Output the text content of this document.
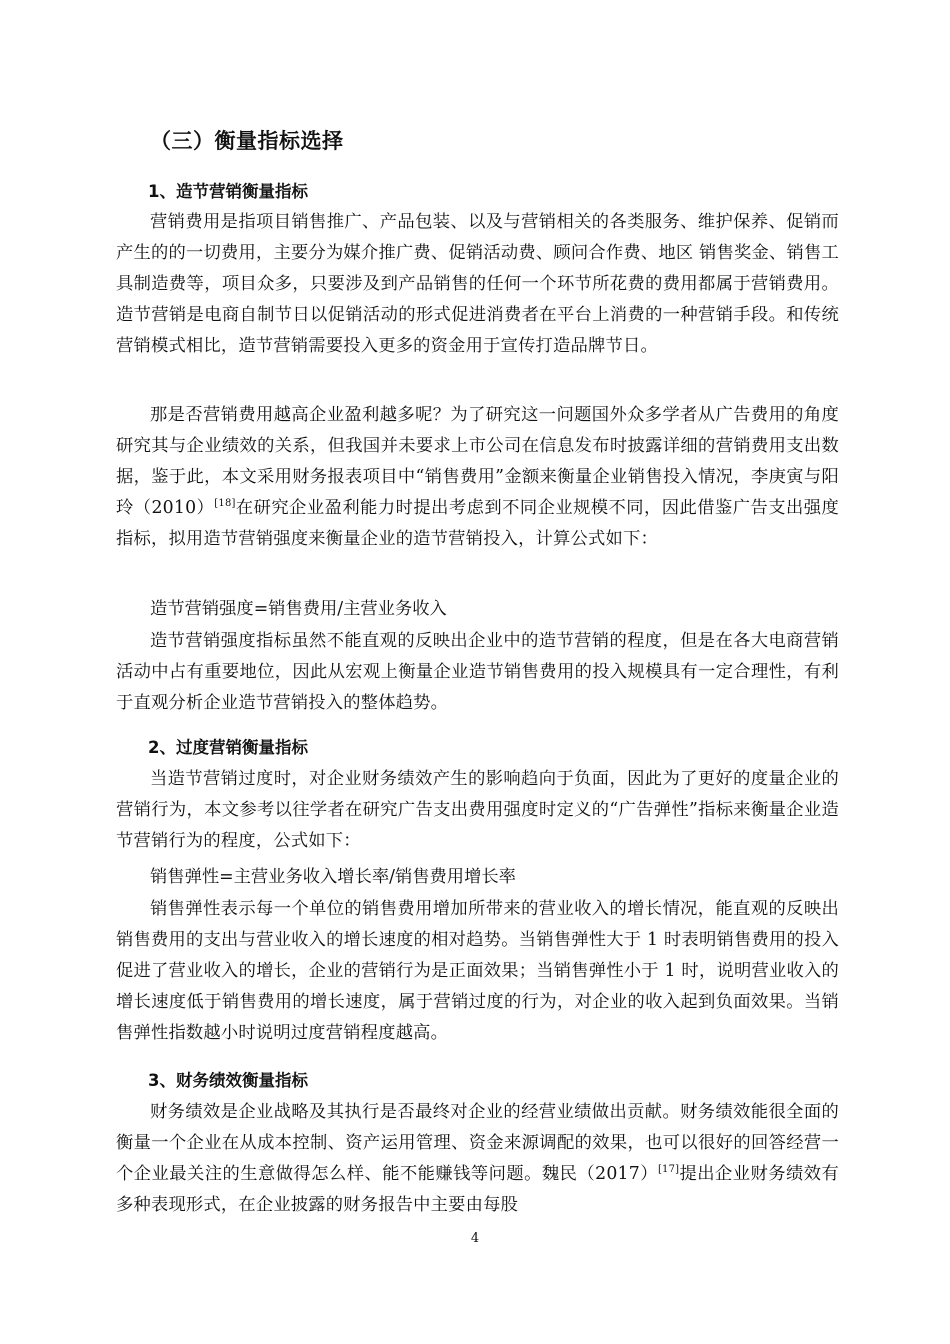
（三）衡量指标选择
1、造节营销衡量指标
营销费用是指项目销售推广、产品包装、以及与营销相关的各类服务、维护保养、促销而产生的的一切费用，主要分为媒介推广费、促销活动费、顾问合作费、地区 销售奖金、销售工具制造费等，项目众多，只要涉及到产品销售的任何一个环节所花费的费用都属于营销费用。造节营销是电商自制节日以促销活动的形式促进消费者在平台上消费的一种营销手段。和传统营销模式相比，造节营销需要投入更多的资金用于宣传打造品牌节日。
那是否营销费用越高企业盈利越多呢？为了研究这一问题国外众多学者从广告费用的角度研究其与企业绩效的关系，但我国并未要求上市公司在信息发布时披露详细的营销费用支出数据，鉴于此，本文采用财务报表项目中“销售费用”金额来衡量企业销售投入情况，李庚寅与阳玲（2010）[18]在研究企业盈利能力时提出考虑到不同企业规模不同，因此借鉴广告支出强度指标，拟用造节营销强度来衡量企业的造节营销投入，计算公式如下：
造节营销强度=销售费用/主营业务收入
造节营销强度指标虽然不能直观的反映出企业中的造节营销的程度，但是在各大电商营销活动中占有重要地位，因此从宏观上衡量企业造节销售费用的投入规模具有一定合理性，有利于直观分析企业造节营销投入的整体趋势。
2、过度营销衡量指标
当造节营销过度时，对企业财务绩效产生的影响趋向于负面，因此为了更好的度量企业的营销行为，本文参考以往学者在研究广告支出费用强度时定义的“广告弹性”指标来衡量企业造节营销行为的程度，公式如下：
销售弹性=主营业务收入增长率/销售费用增长率
销售弹性表示每一个单位的销售费用增加所带来的营业收入的增长情况，能直观的反映出销售费用的支出与营业收入的增长速度的相对趋势。当销售弹性大于 1 时表明销售费用的投入促进了营业收入的增长，企业的营销行为是正面效果；当销售弹性小于 1 时，说明营业收入的增长速度低于销售费用的增长速度，属于营销过度的行为，对企业的收入起到负面效果。当销售弹性指数越小时说明过度营销程度越高。
3、财务绩效衡量指标
财务绩效是企业战略及其执行是否最终对企业的经营业绩做出贡献。财务绩效能很全面的衡量一个企业在从成本控制、资产运用管理、资金来源调配的效果，也可以很好的回答经营一个企业最关注的生意做得怎么样、能不能赚钱等问题。魏民（2017）[17]提出企业财务绩效有多种表现形式，在企业披露的财务报告中主要由每股
4
